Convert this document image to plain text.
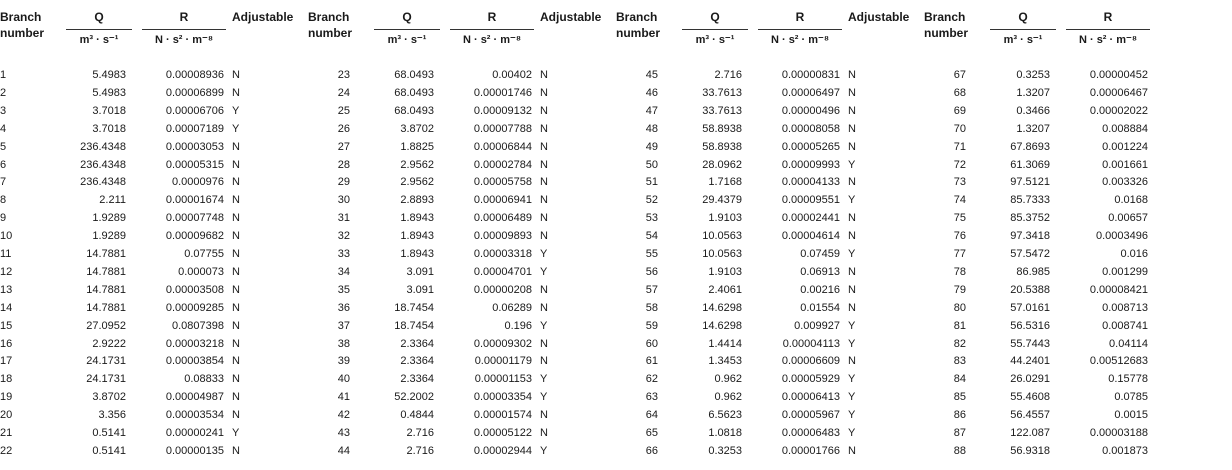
Branch number
Q
m³ · s⁻¹
R
N · s² · m⁻⁸
Adjustable
1	5.4983	0.00008936 N
2	5.4983	0.00006899 N
3	3.7018	0.00006706 Y
4	3.7018	0.00007189 Y
5	236.4348	0.00003053 N
6	236.4348	0.00005315 N
7	236.4348	0.0000976 N
8	2.211	0.00001674 N
9	1.9289	0.00007748 N
10	1.9289	0.00009682 N
11	14.7881	0.07755 N
12	14.7881	0.000073 N
13	14.7881	0.00003508 N
14	14.7881	0.00009285 N
15	27.0952	0.0807398 N
16	2.9222	0.00003218 N
17	24.1731	0.00003854 N
18	24.1731	0.08833 N
19	3.8702	0.00004987 N
20	3.356	0.00003534 N
21	0.5141	0.00000241 Y
22	0.5141	0.00000135 N
Branch number
Q
m³ · s⁻¹
R
N · s² · m⁻⁸
Adjustable
23	68.0493	0.00402 N
24	68.0493	0.00001746 N
25	68.0493	0.00009132 N
26	3.8702	0.00007788 N
27	1.8825	0.00006844 N
28	2.9562	0.00002784 N
29	2.9562	0.00005758 N
30	2.8893	0.00006941 N
31	1.8943	0.00006489 N
32	1.8943	0.00009893 N
33	1.8943	0.00003318 Y
34	3.091	0.00004701 Y
35	3.091	0.00000208 N
36	18.7454	0.06289 N
37	18.7454	0.196 Y
38	2.3364	0.00009302 N
39	2.3364	0.00001179 N
40	2.3364	0.00001153 Y
41	52.2002	0.00003354 Y
42	0.4844	0.00001574 N
43	2.716	0.00005122 N
44	2.716	0.00002944 Y
Branch number
Q
m³ · s⁻¹
R
N · s² · m⁻⁸
Adjustable
45	2.716	0.00000831 N
46	33.7613	0.00006497 N
47	33.7613	0.00000496 N
48	58.8938	0.00008058 N
49	58.8938	0.00005265 N
50	28.0962	0.00009993 Y
51	1.7168	0.00004133 N
52	29.4379	0.00009551 Y
53	1.9103	0.00002441 N
54	10.0563	0.00004614 N
55	10.0563	0.07459 Y
56	1.9103	0.06913 N
57	2.4061	0.00216 N
58	14.6298	0.01554 N
59	14.6298	0.009927 Y
60	1.4414	0.00004113 Y
61	1.3453	0.00006609 N
62	0.962	0.00005929 Y
63	0.962	0.00006413 Y
64	6.5623	0.00005967 Y
65	1.0818	0.00006483 Y
66	0.3253	0.00001766 N
Branch number
Q
m³ · s⁻¹
R
N · s² · m⁻⁸
67	0.3253	0.00000452
68	1.3207	0.00006467
69	0.3466	0.00002022
70	1.3207	0.008884
71	67.8693	0.001224
72	61.3069	0.001661
73	97.5121	0.003326
74	85.7333	0.0168
75	85.3752	0.00657
76	97.3418	0.0003496
77	57.5472	0.016
78	86.985	0.001299
79	20.5388	0.00008421
80	57.0161	0.008713
81	56.5316	0.008741
82	55.7443	0.04114
83	44.2401	0.00512683
84	26.0291	0.15778
85	55.4608	0.0785
86	56.4557	0.0015
87	122.087	0.00003188
88	56.9318	0.001873
